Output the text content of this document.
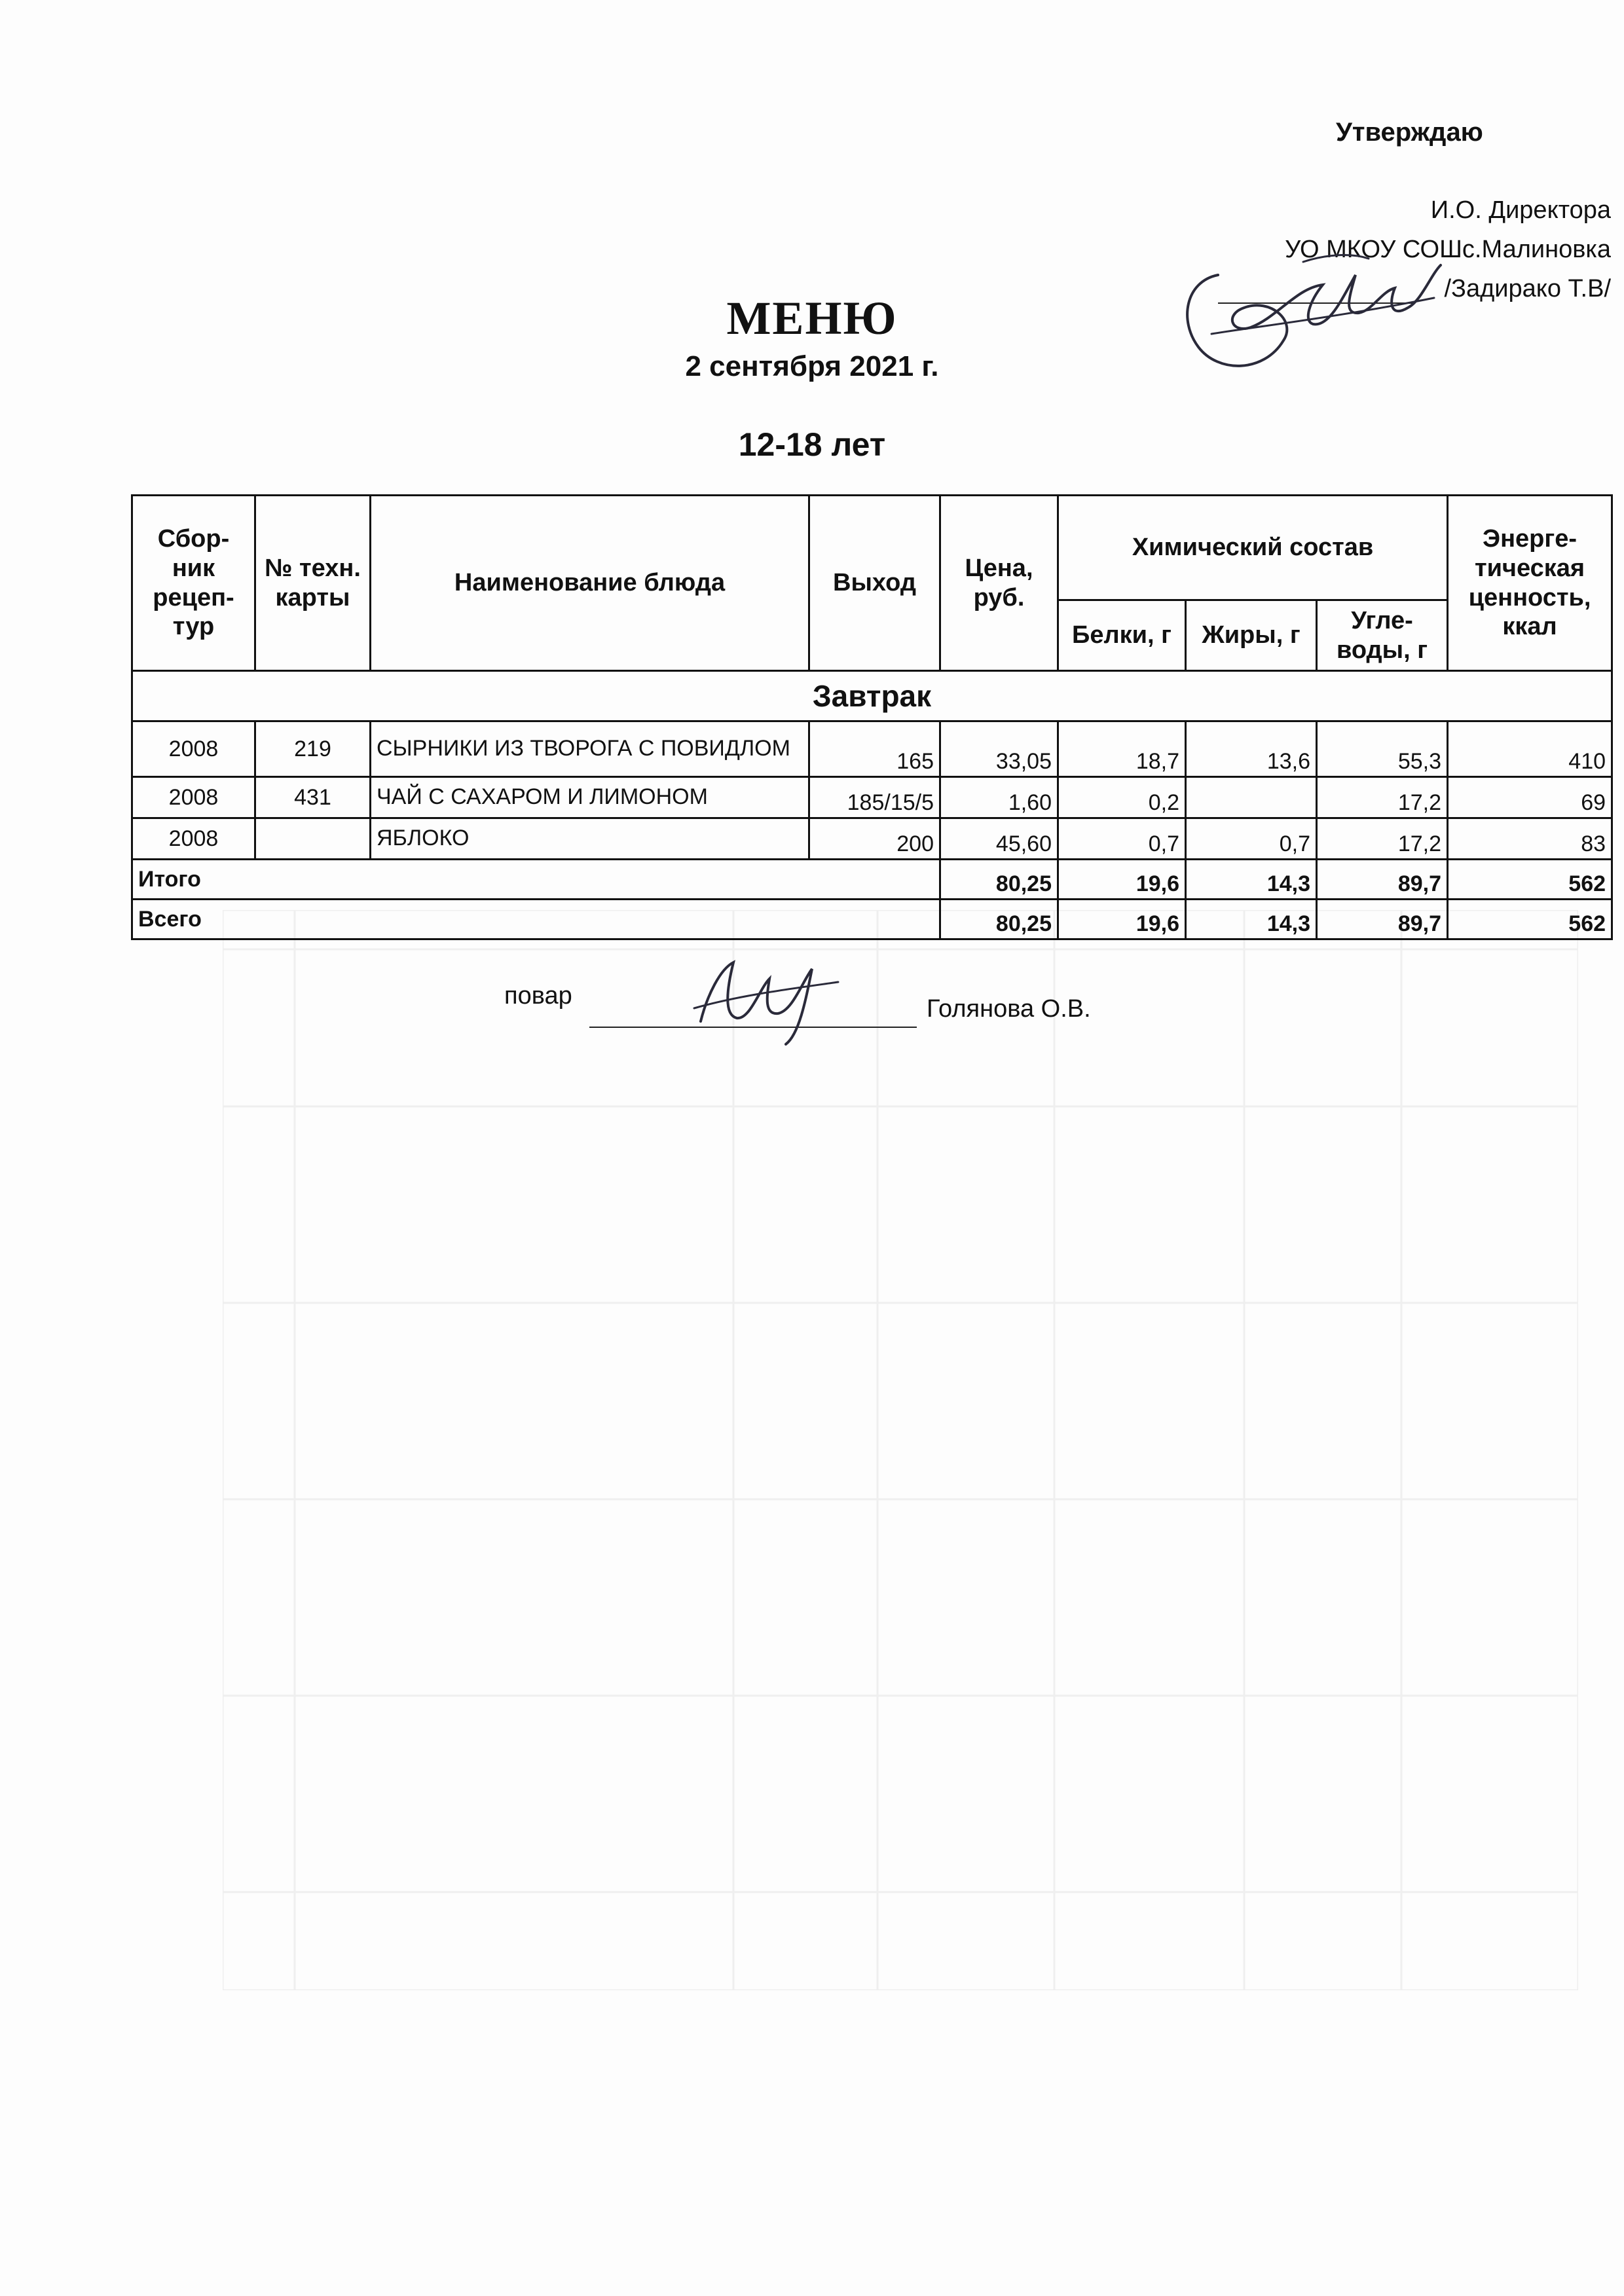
Утверждаю
И.О. Директора
УО МКОУ СОШс.Малиновка
/Задирако Т.В/
МЕНЮ
2 сентября 2021 г.
12-18 лет
Сбор-ник рецеп-тур	№ техн. карты	Наименование блюда	Выход	Цена, руб.	Химический состав			Энерге-тическая ценность, ккал
					Белки, г	Жиры, г	Угле-воды, г	
Завтрак								
2008	219	СЫРНИКИ ИЗ ТВОРОГА С ПОВИДЛОМ	165	33,05	18,7	13,6	55,3	410
2008	431	ЧАЙ С САХАРОМ И ЛИМОНОМ	185/15/5	1,60	0,2		17,2	69
2008		ЯБЛОКО	200	45,60	0,7	0,7	17,2	83
Итого				80,25	19,6	14,3	89,7	562
Всего				80,25	19,6	14,3	89,7	562
повар	Голянова О.В.
